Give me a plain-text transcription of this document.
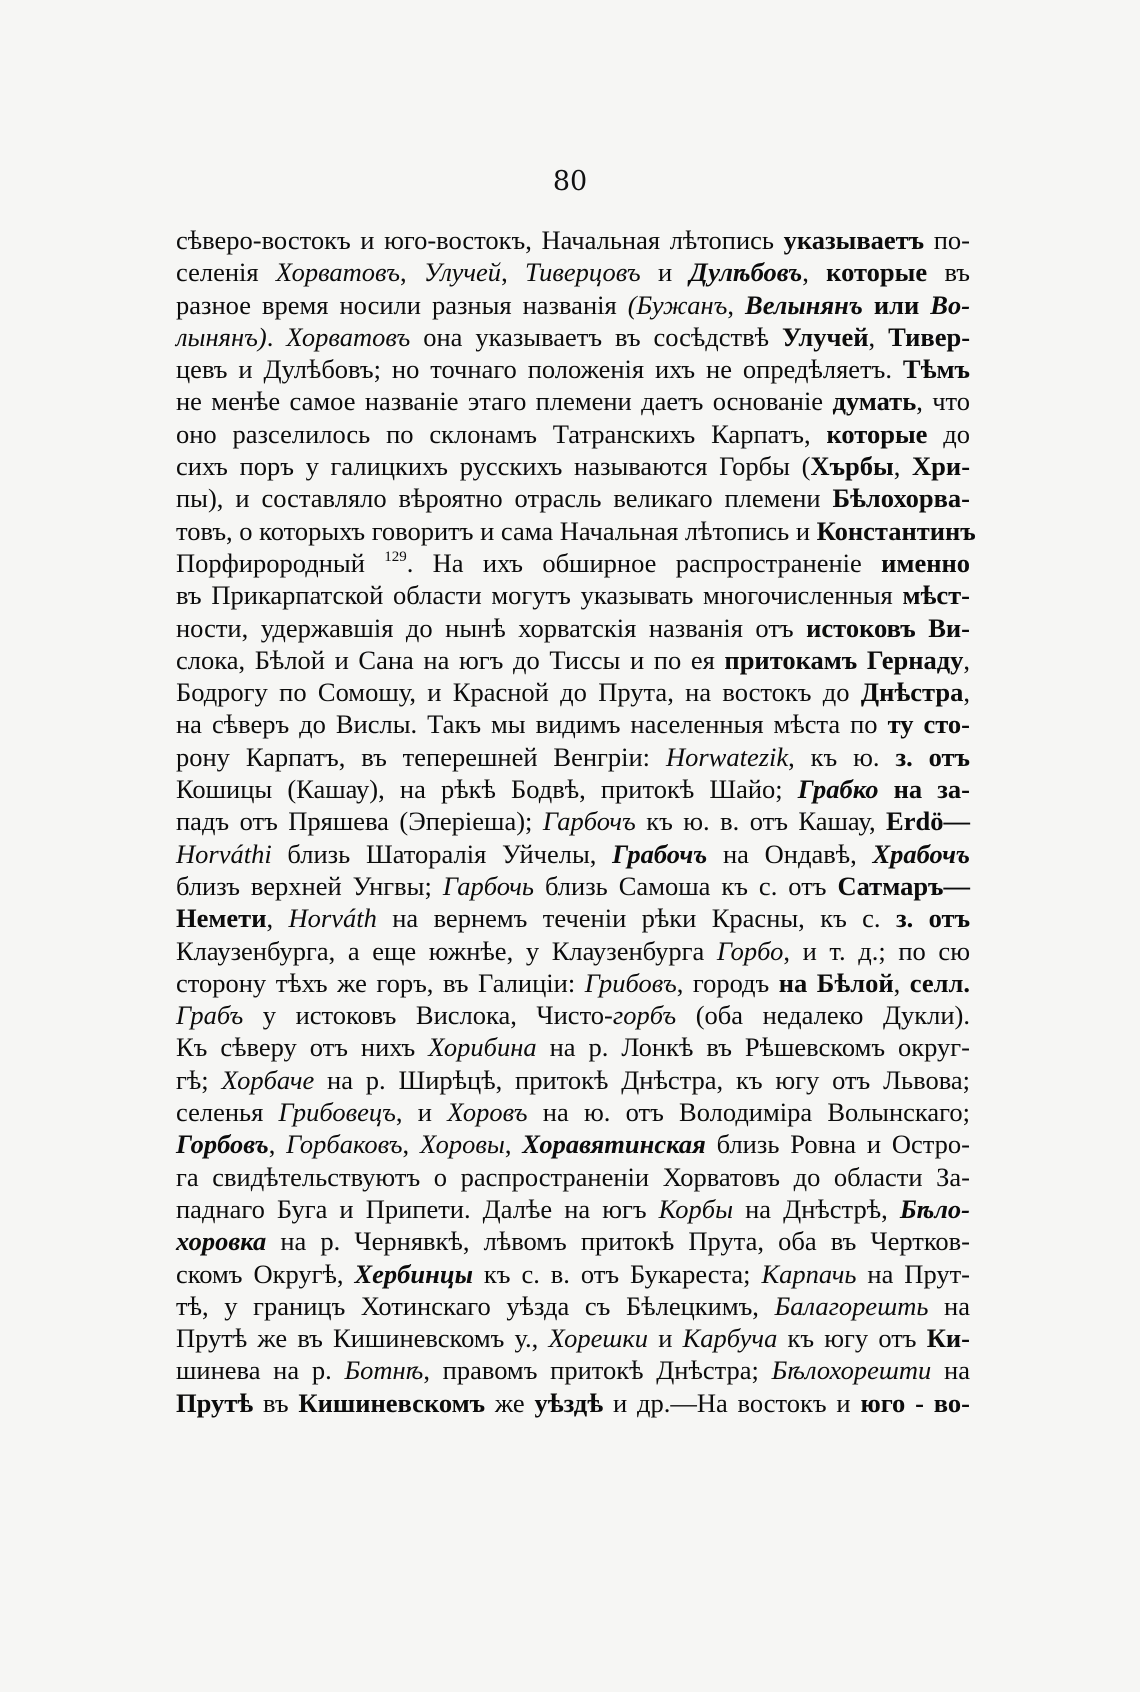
80
сѣверо-востокъ и юго-востокъ, Начальная лѣтопись указываетъ по-
селенія Хорватовъ, Улучей, Тиверцовъ и Дулѣбовъ, которые въ
разное время носили разныя названія (Бужанъ, Велынянъ или Во-
лынянъ). Хорватовъ она указываетъ въ сосѣдствѣ Улучей, Тивер-
цевъ и Дулѣбовъ; но точнаго положенія ихъ не опредѣляетъ. Тѣмъ
не менѣе самое названіе этаго племени даетъ основаніе думать, что
оно разселилось по склонамъ Татранскихъ Карпатъ, которые до
сихъ поръ у галицкихъ русскихъ называются Горбы (Хърбы, Хри-
пы), и составляло вѣроятно отрасль великаго племени Бѣлохорва-
товъ, о которыхъ говоритъ и сама Начальная лѣтопись и Константинъ
Порфирородный $^{129}$. На ихъ обширное распространеніе именно
въ Прикарпатской области могутъ указывать многочисленныя мѣст-
ности, удержавшія до нынѣ хорватскія названія отъ истоковъ Ви-
слока, Бѣлой и Сана на югъ до Тиссы и по ея притокамъ Гернаду,
Бодрогу по Сомошу, и Красной до Прута, на востокъ до Днѣстра,
на сѣверъ до Вислы. Такъ мы видимъ населенныя мѣста по ту сто-
рону Карпатъ, въ теперешней Венгріи: Horwatezik, къ ю. з. отъ
Кошицы (Кашау), на рѣкѣ Бодвѣ, притокѣ Шайо; Грабко на за-
падъ отъ Пряшева (Эперіеша); Гарбочъ къ ю. в. отъ Кашау, Erdö—
Horváthi близь Шаторалія Уйчелы, Грабочъ на Ондавѣ, Храбочъ
близъ верхней Унгвы; Гарбочь близь Самоша къ с. отъ Сатмаръ—
Немети, Horváth на вернемъ теченіи рѣки Красны, къ с. з. отъ
Клаузенбурга, а еще южнѣе, у Клаузенбурга Горбо, и т. д.; по сю
сторону тѣхъ же горъ, въ Галиціи: Грибовъ, городъ на Бѣлой, селл.
Грабъ у истоковъ Вислока, Чисто-горбъ (оба недалеко Дукли).
Къ сѣверу отъ нихъ Хорибина на р. Лонкѣ въ Рѣшевскомъ округ-
гѣ; Хорбаче на р. Ширѣцѣ, притокѣ Днѣстра, къ югу отъ Львова;
селенья Грибовецъ, и Хоровъ на ю. отъ Володиміра Волынскаго;
Горбовъ, Горбаковъ, Хоровы, Хоравятинская близь Ровна и Остро-
га свидѣтельствуютъ о распространеніи Хорватовъ до области За-
паднаго Буга и Припети. Далѣе на югъ Корбы на Днѣстрѣ, Бѣло-
хоровка на р. Чернявкѣ, лѣвомъ притокѣ Прута, оба въ Чертков-
скомъ Округѣ, Хербинцы къ с. в. отъ Букареста; Карпачь на Прут-
тѣ, у границъ Хотинскаго уѣзда съ Бѣлецкимъ, Балагорешть на
Прутѣ же въ Кишиневскомъ у., Хорешки и Карбуча къ югу отъ Ки-
шинева на р. Ботнѣ, правомъ притокѣ Днѣстра; Бѣлохорешти на
Прутѣ въ Кишиневскомъ же уѣздѣ и др.—На востокъ и юго - во-
